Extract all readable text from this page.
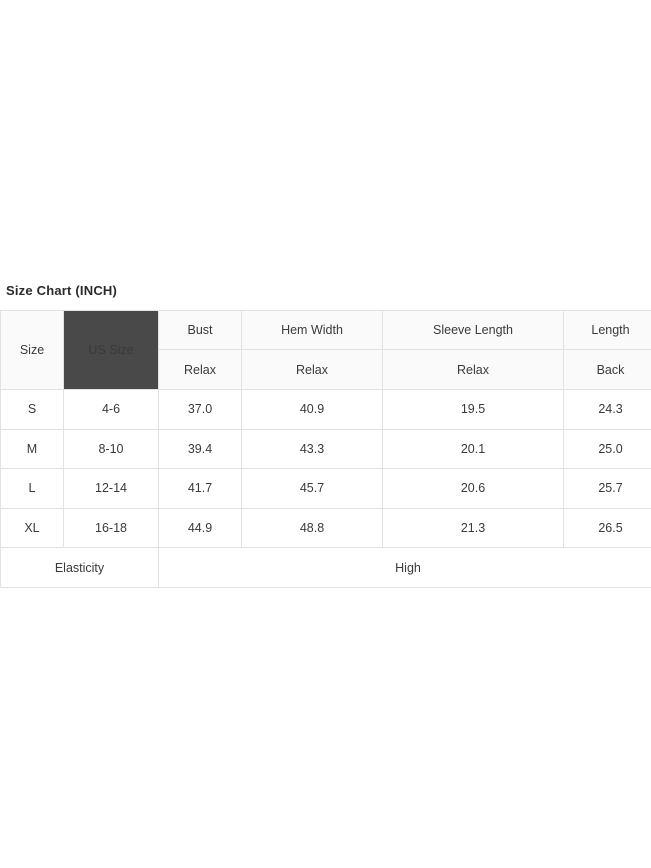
Size Chart (INCH)
Size	US Size	Bust	Hem Width	Sleeve Length	Length
		Relax	Relax	Relax	Back
S	4-6	37.0	40.9	19.5	24.3
M	8-10	39.4	43.3	20.1	25.0
L	12-14	41.7	45.7	20.6	25.7
XL	16-18	44.9	48.8	21.3	26.5
Elasticity		High			
